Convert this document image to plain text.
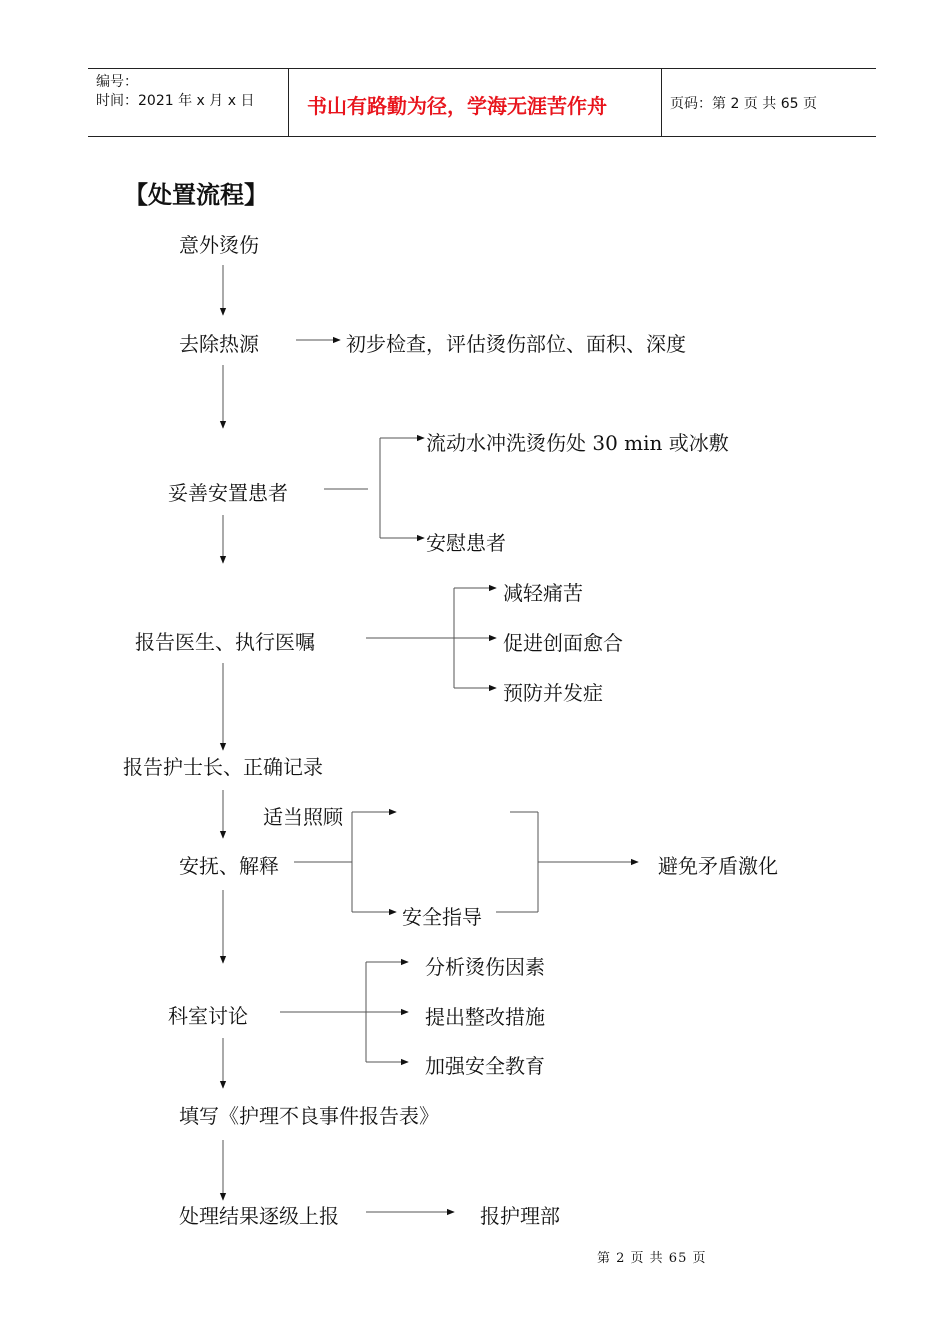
编号：
时间：2021 年 x 月 x 日	书山有路勤为径，学海无涯苦作舟	页码：第 2 页 共 65 页
【处置流程】
意外烫伤
去除热源	初步检查，评估烫伤部位、面积、深度
妥善安置患者
流动水冲洗烫伤处 30 min 或冰敷
安慰患者
报告医生、执行医嘱
减轻痛苦
促进创面愈合
预防并发症
报告护士长、正确记录
适当照顾
安抚、解释
安全指导
避免矛盾激化
科室讨论
分析烫伤因素
提出整改措施
加强安全教育
填写《护理不良事件报告表》
处理结果逐级上报	报护理部
第 2 页 共 65 页
